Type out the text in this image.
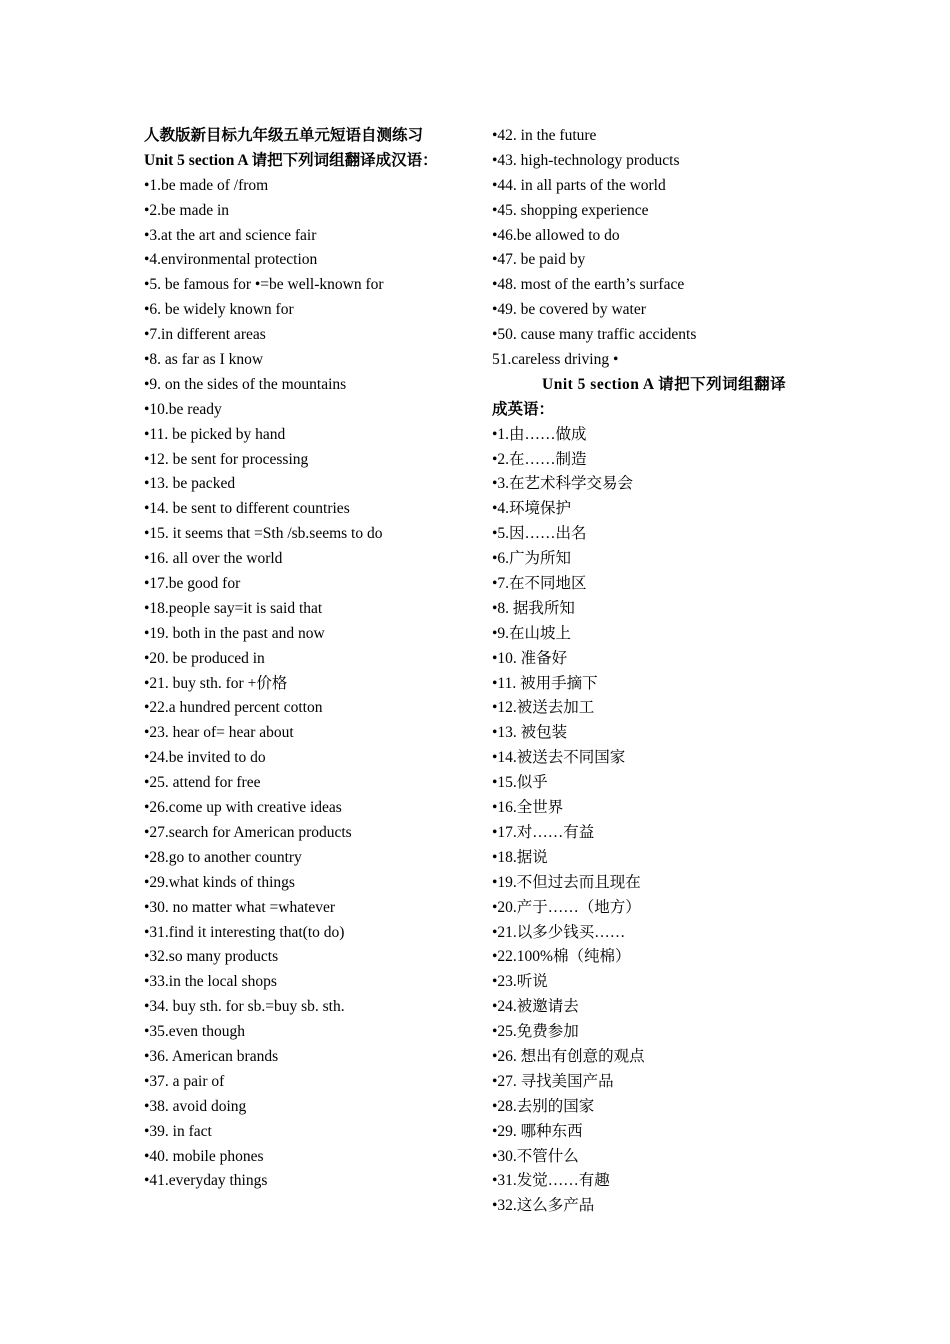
人教版新目标九年级五单元短语自测练习
Unit 5 section A 请把下列词组翻译成汉语：
•1.be made of /from
•2.be made in
•3.at the art and science fair
•4.environmental protection
•5. be famous for •=be well-known for
•6. be widely known for
•7.in different areas
•8. as far as I know
•9. on the sides of the mountains
•10.be ready
•11. be picked by hand
•12. be sent for processing
•13. be packed
•14. be sent to different countries
•15. it seems that =Sth /sb.seems to do
•16. all over the world
•17.be good for
•18.people say=it is said that
•19. both in the past and now
•20. be produced in
•21. buy sth. for +价格
•22.a hundred percent cotton
•23. hear of= hear about
•24.be invited to do
•25. attend for free
•26.come up with creative ideas
•27.search for American products
•28.go to another country
•29.what kinds of things
•30. no matter what =whatever
•31.find it interesting that(to do)
•32.so many products
•33.in the local shops
•34. buy sth. for sb.=buy sb. sth.
•35.even though
•36. American brands
•37. a pair of
•38. avoid doing
•39. in fact
•40. mobile phones
•41.everyday things
•42. in the future
•43. high-technology products
•44. in all parts of the world
•45. shopping experience
•46.be allowed to do
•47. be paid by
•48. most of the earth’s surface
•49. be covered by water
•50. cause many traffic accidents
51.careless driving •
Unit 5 section A 请把下列词组翻译
成英语：
•1.由……做成
•2.在……制造
•3.在艺术科学交易会
•4.环境保护
•5.因……出名
•6.广为所知
•7.在不同地区
•8. 据我所知
•9.在山坡上
•10. 准备好
•11. 被用手摘下
•12.被送去加工
•13. 被包装
•14.被送去不同国家
•15.似乎
•16.全世界
•17.对……有益
•18.据说
•19.不但过去而且现在
•20.产于……（地方）
•21.以多少钱买……
•22.100%棉（纯棉）
•23.听说
•24.被邀请去
•25.免费参加
•26. 想出有创意的观点
•27. 寻找美国产品
•28.去别的国家
•29. 哪种东西
•30.不管什么
•31.发觉……有趣
•32.这么多产品
